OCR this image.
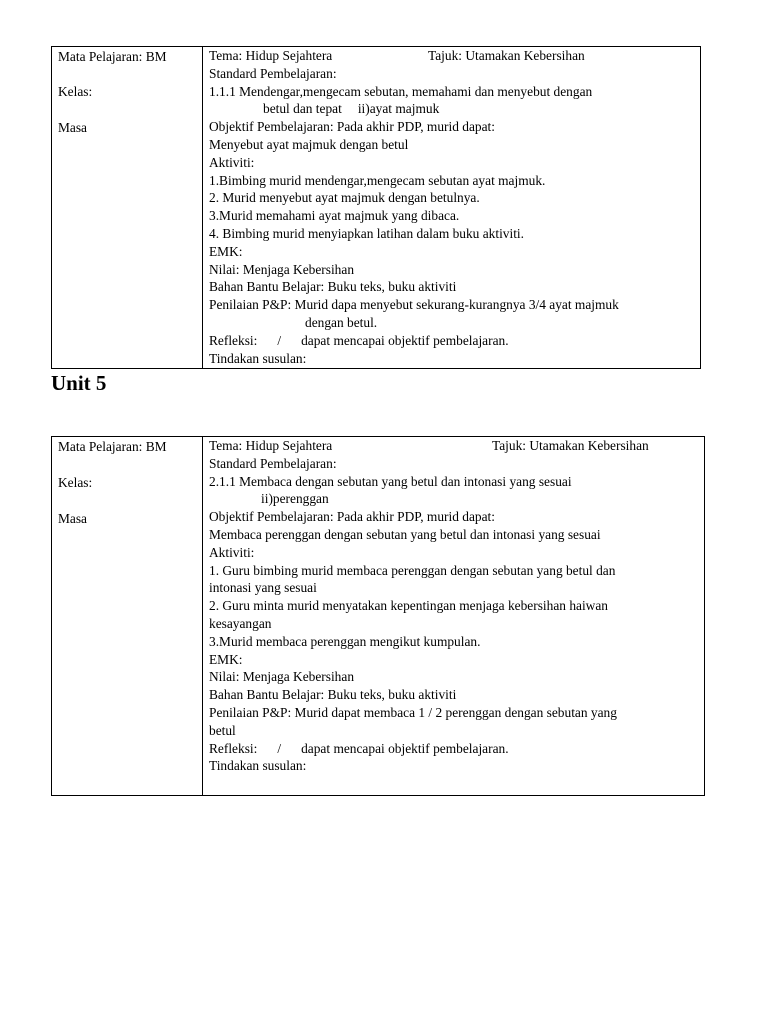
Mata Pelajaran: BM
Kelas:
Masa
Tema: Hidup Sejahtera	Tajuk: Utamakan Kebersihan
Standard Pembelajaran:
1.1.1 Mendengar,mengecam sebutan, memahami dan menyebut dengan
betul dan tepat ii)ayat majmuk
Objektif Pembelajaran: Pada akhir PDP, murid dapat:
Menyebut ayat majmuk dengan betul
Aktiviti:
1.Bimbing murid mendengar,mengecam sebutan ayat majmuk.
2. Murid menyebut ayat majmuk dengan betulnya.
3.Murid memahami ayat majmuk yang dibaca.
4. Bimbing murid menyiapkan latihan dalam buku aktiviti.
EMK:
Nilai: Menjaga Kebersihan
Bahan Bantu Belajar: Buku teks, buku aktiviti
Penilaian P&P: Murid dapa menyebut sekurang-kurangnya 3/4 ayat majmuk
dengan betul.
Refleksi: / dapat mencapai objektif pembelajaran.
Tindakan susulan:
Unit 5
Mata Pelajaran: BM
Kelas:
Masa
Tema: Hidup Sejahtera	Tajuk: Utamakan Kebersihan
Standard Pembelajaran:
2.1.1 Membaca dengan sebutan yang betul dan intonasi yang sesuai
ii)perenggan
Objektif Pembelajaran: Pada akhir PDP, murid dapat:
Membaca perenggan dengan sebutan yang betul dan intonasi yang sesuai
Aktiviti:
1. Guru bimbing murid membaca perenggan dengan sebutan yang betul dan
intonasi yang sesuai
2. Guru minta murid menyatakan kepentingan menjaga kebersihan haiwan
kesayangan
3.Murid membaca perenggan mengikut kumpulan.
EMK:
Nilai: Menjaga Kebersihan
Bahan Bantu Belajar: Buku teks, buku aktiviti
Penilaian P&P: Murid dapat membaca 1 / 2 perenggan dengan sebutan yang
betul
Refleksi: / dapat mencapai objektif pembelajaran.
Tindakan susulan:
